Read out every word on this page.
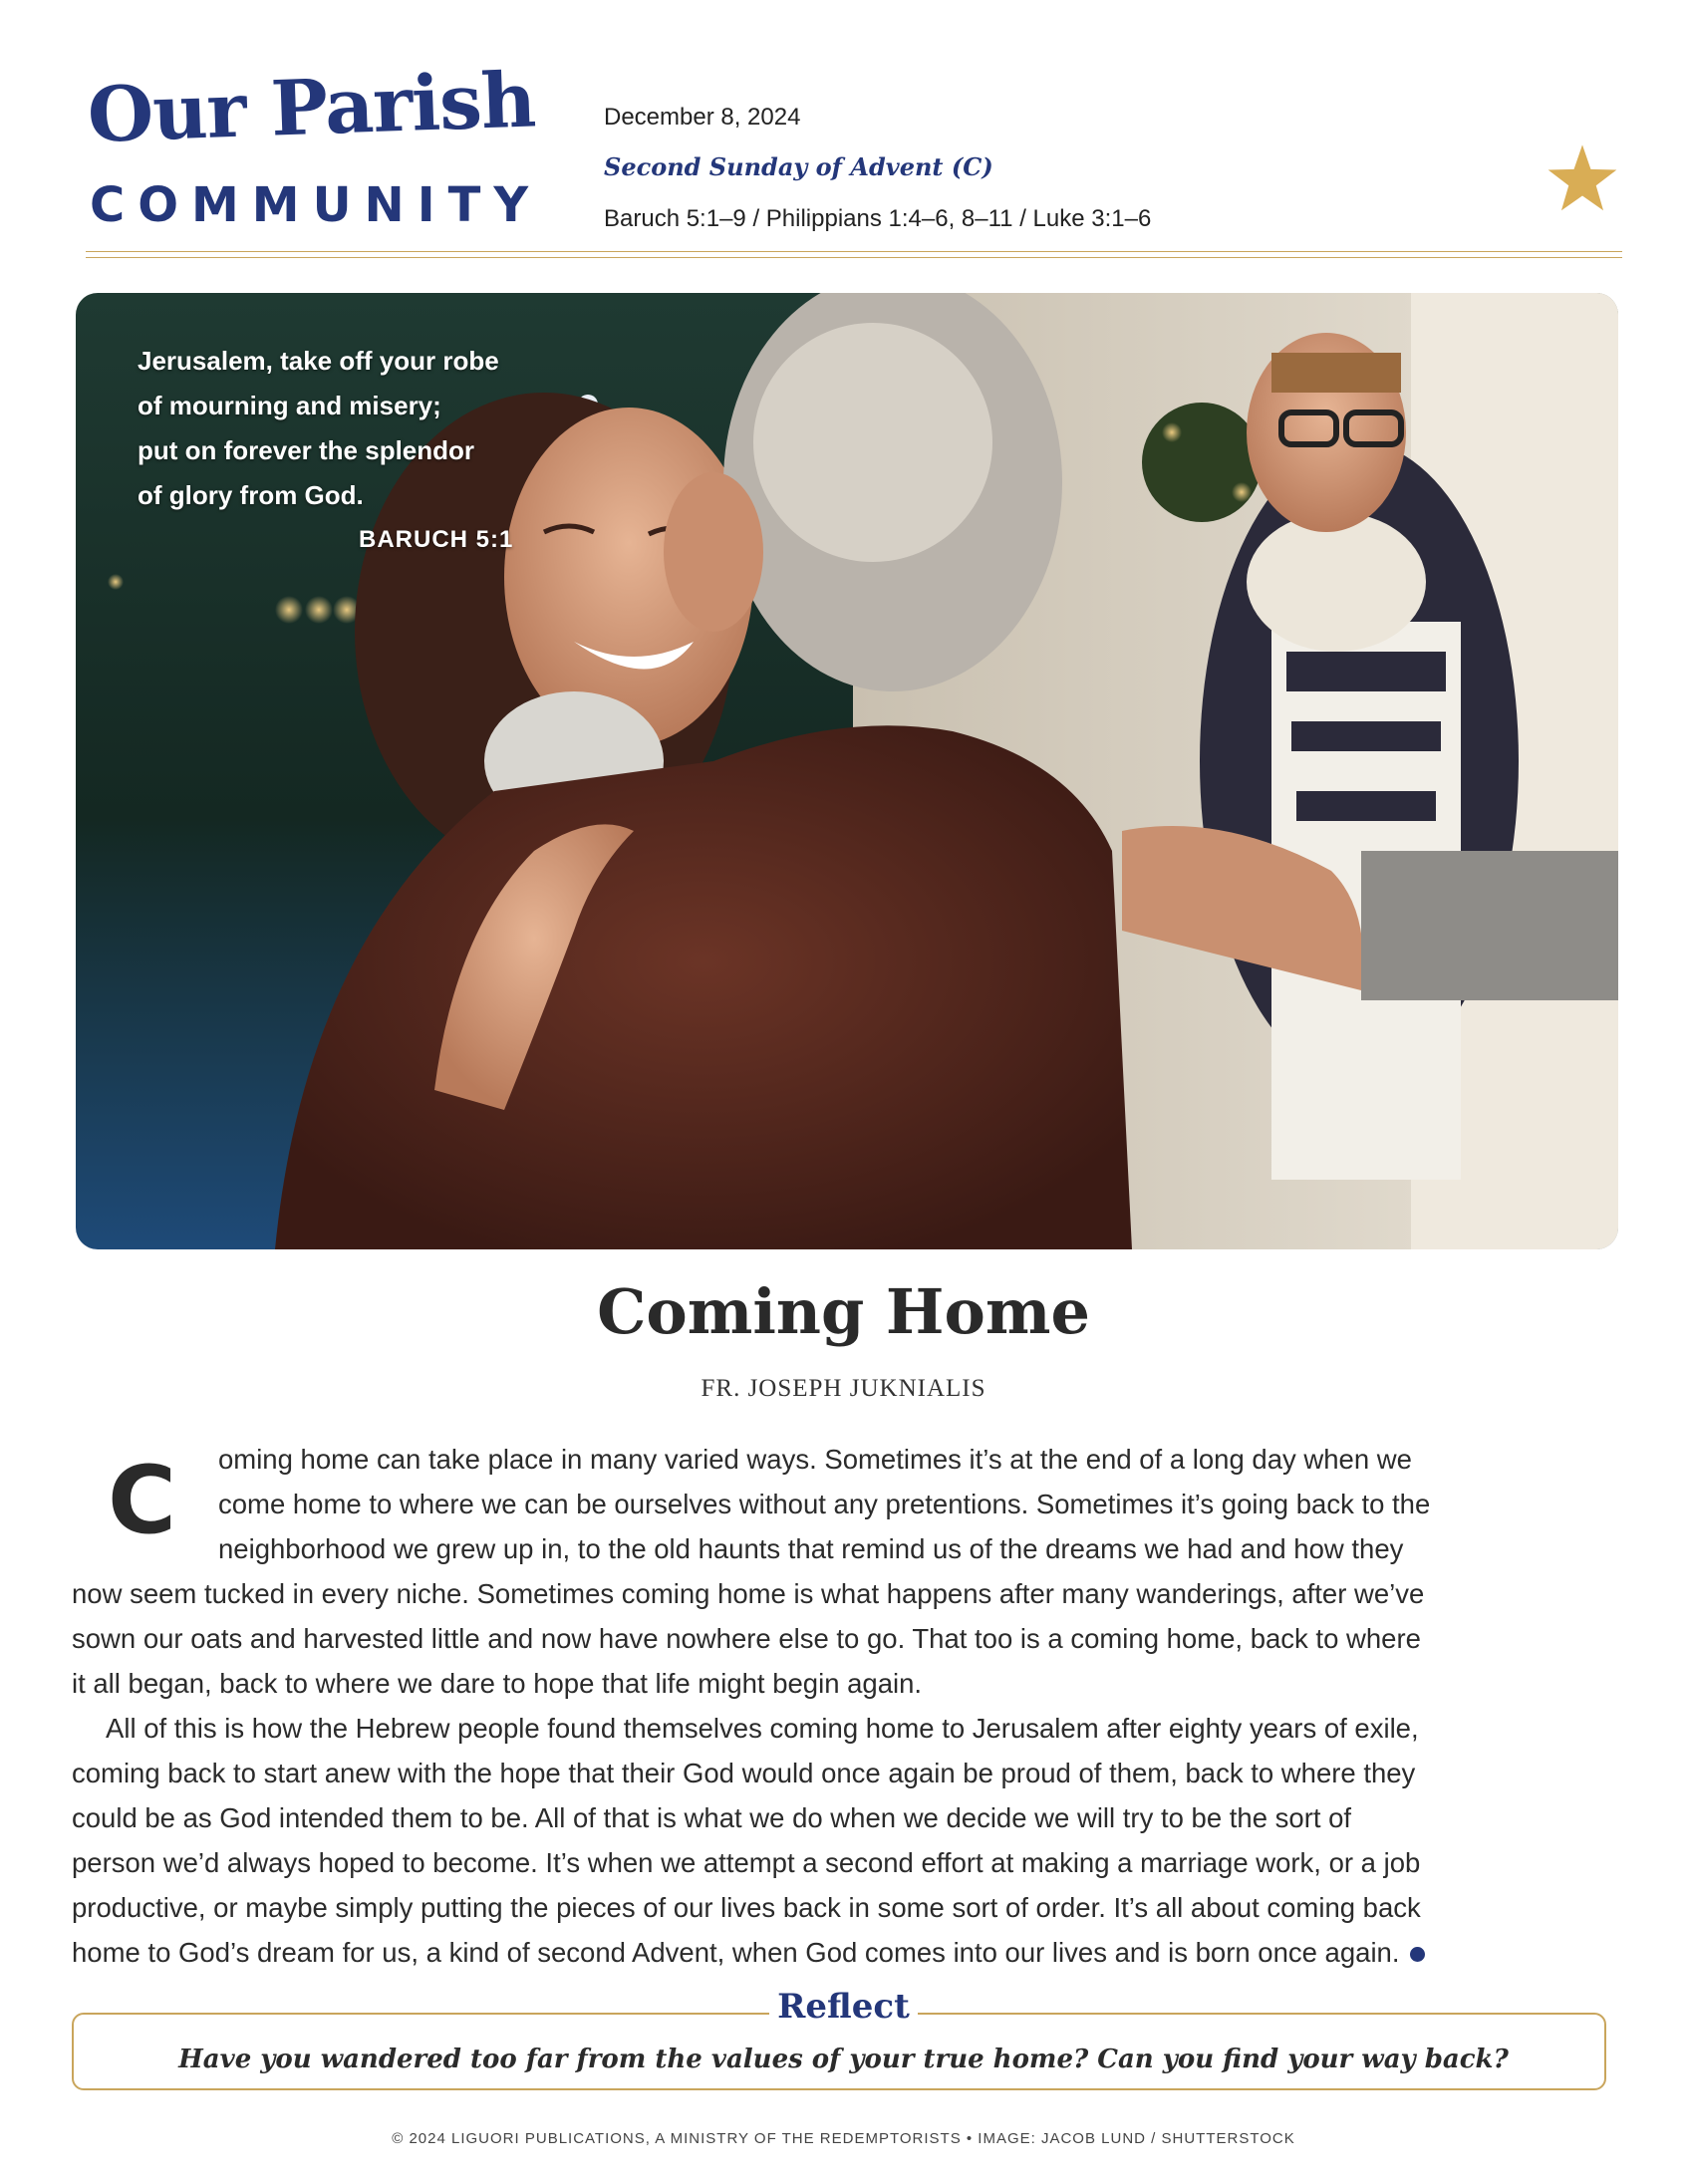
Our Parish
COMMUNITY
December 8, 2024
Second Sunday of Advent (C)
Baruch 5:1–9 / Philippians 1:4–6, 8–11 / Luke 3:1–6
Jerusalem, take off your robe
of mourning and misery;
put on forever the splendor
of glory from God.
BARUCH 5:1
Coming Home
FR. JOSEPH JUKNIALIS
C	oming home can take place in many varied ways. Sometimes it’s at the end of a long day when we
come home to where we can be ourselves without any pretentions. Sometimes it’s going back to the
neighborhood we grew up in, to the old haunts that remind us of the dreams we had and how they
now seem tucked in every niche. Sometimes coming home is what happens after many wanderings, after we’ve
sown our oats and harvested little and now have nowhere else to go. That too is a coming home, back to where
it all began, back to where we dare to hope that life might begin again.
All of this is how the Hebrew people found themselves coming home to Jerusalem after eighty years of exile,
coming back to start anew with the hope that their God would once again be proud of them, back to where they
could be as God intended them to be. All of that is what we do when we decide we will try to be the sort of
person we’d always hoped to become. It’s when we attempt a second effort at making a marriage work, or a job
productive, or maybe simply putting the pieces of our lives back in some sort of order. It’s all about coming back
home to God’s dream for us, a kind of second Advent, when God comes into our lives and is born once again.
Reflect
Have you wandered too far from the values of your true home? Can you find your way back?
© 2024 LIGUORI PUBLICATIONS, A MINISTRY OF THE REDEMPTORISTS • IMAGE: JACOB LUND / SHUTTERSTOCK
